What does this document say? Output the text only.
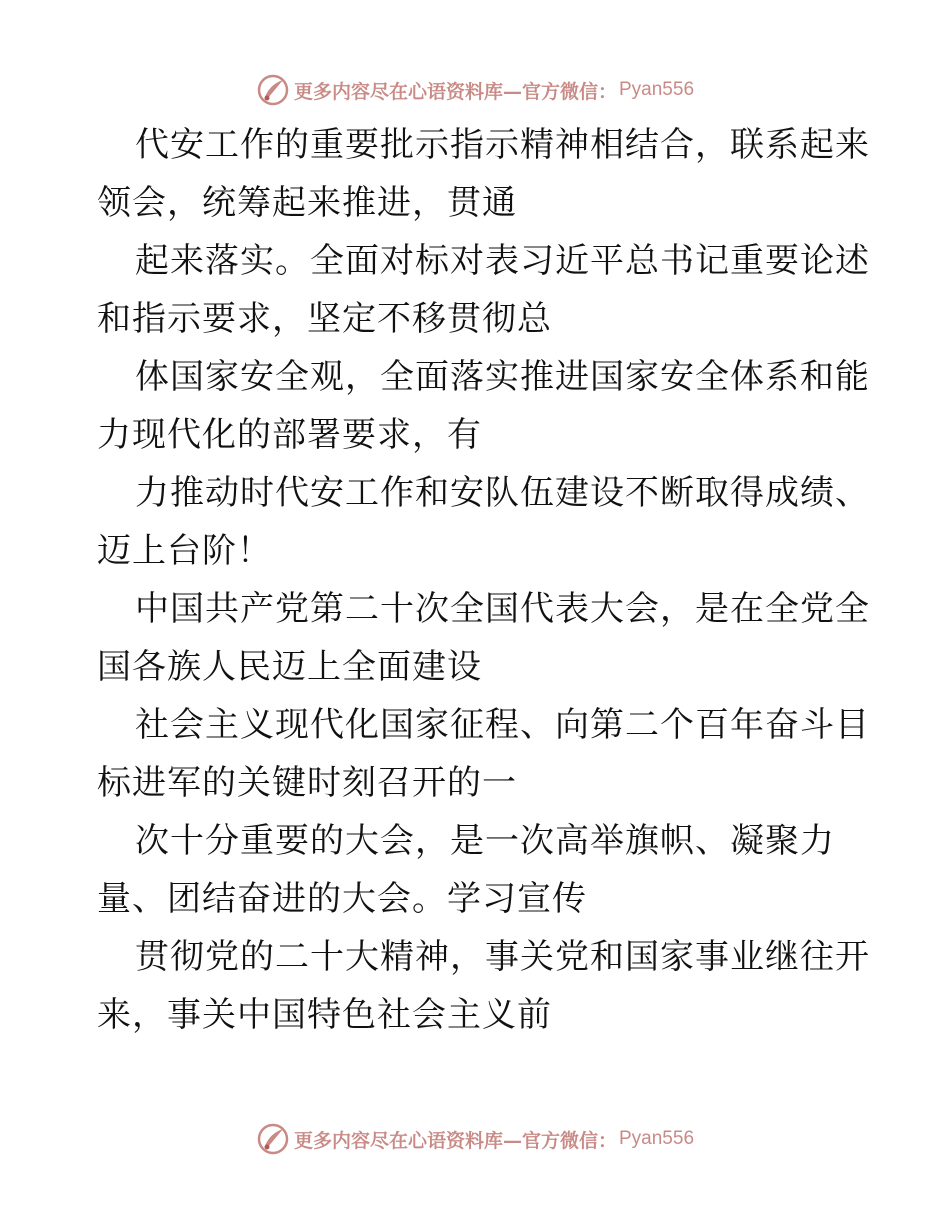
更多内容尽在心语资料库—官方微信： Pyan556

代安工作的重要批示指示精神相结合，联系起来
领会，统筹起来推进，贯通

起来落实。全面对标对表习近平总书记重要论述
和指示要求，坚定不移贯彻总

体国家安全观，全面落实推进国家安全体系和能
力现代化的部署要求，有

力推动时代安工作和安队伍建设不断取得成绩、
迈上台阶！

中国共产党第二十次全国代表大会，是在全党全
国各族人民迈上全面建设

社会主义现代化国家征程、向第二个百年奋斗目
标进军的关键时刻召开的一

次十分重要的大会，是一次高举旗帜、凝聚力
量、团结奋进的大会。学习宣传

贯彻党的二十大精神，事关党和国家事业继往开
来，事关中国特色社会主义前

更多内容尽在心语资料库—官方微信： Pyan556
